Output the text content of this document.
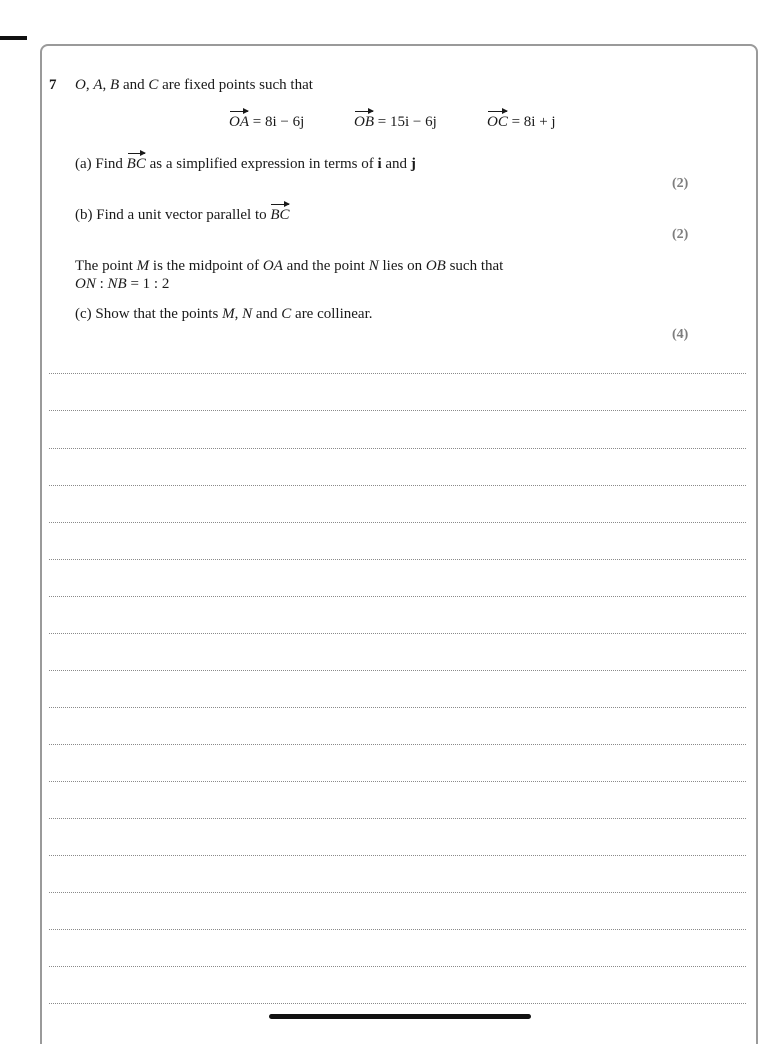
7 O, A, B and C are fixed points such that
OA = 8i − 6j	OB = 15i − 6j	OC = 8i + j
(a) Find BC as a simplified expression in terms of i and j
(2)
(b) Find a unit vector parallel to BC
(2)
The point M is the midpoint of OA and the point N lies on OB such that
ON : NB = 1 : 2
(c) Show that the points M, N and C are collinear.
(4)
